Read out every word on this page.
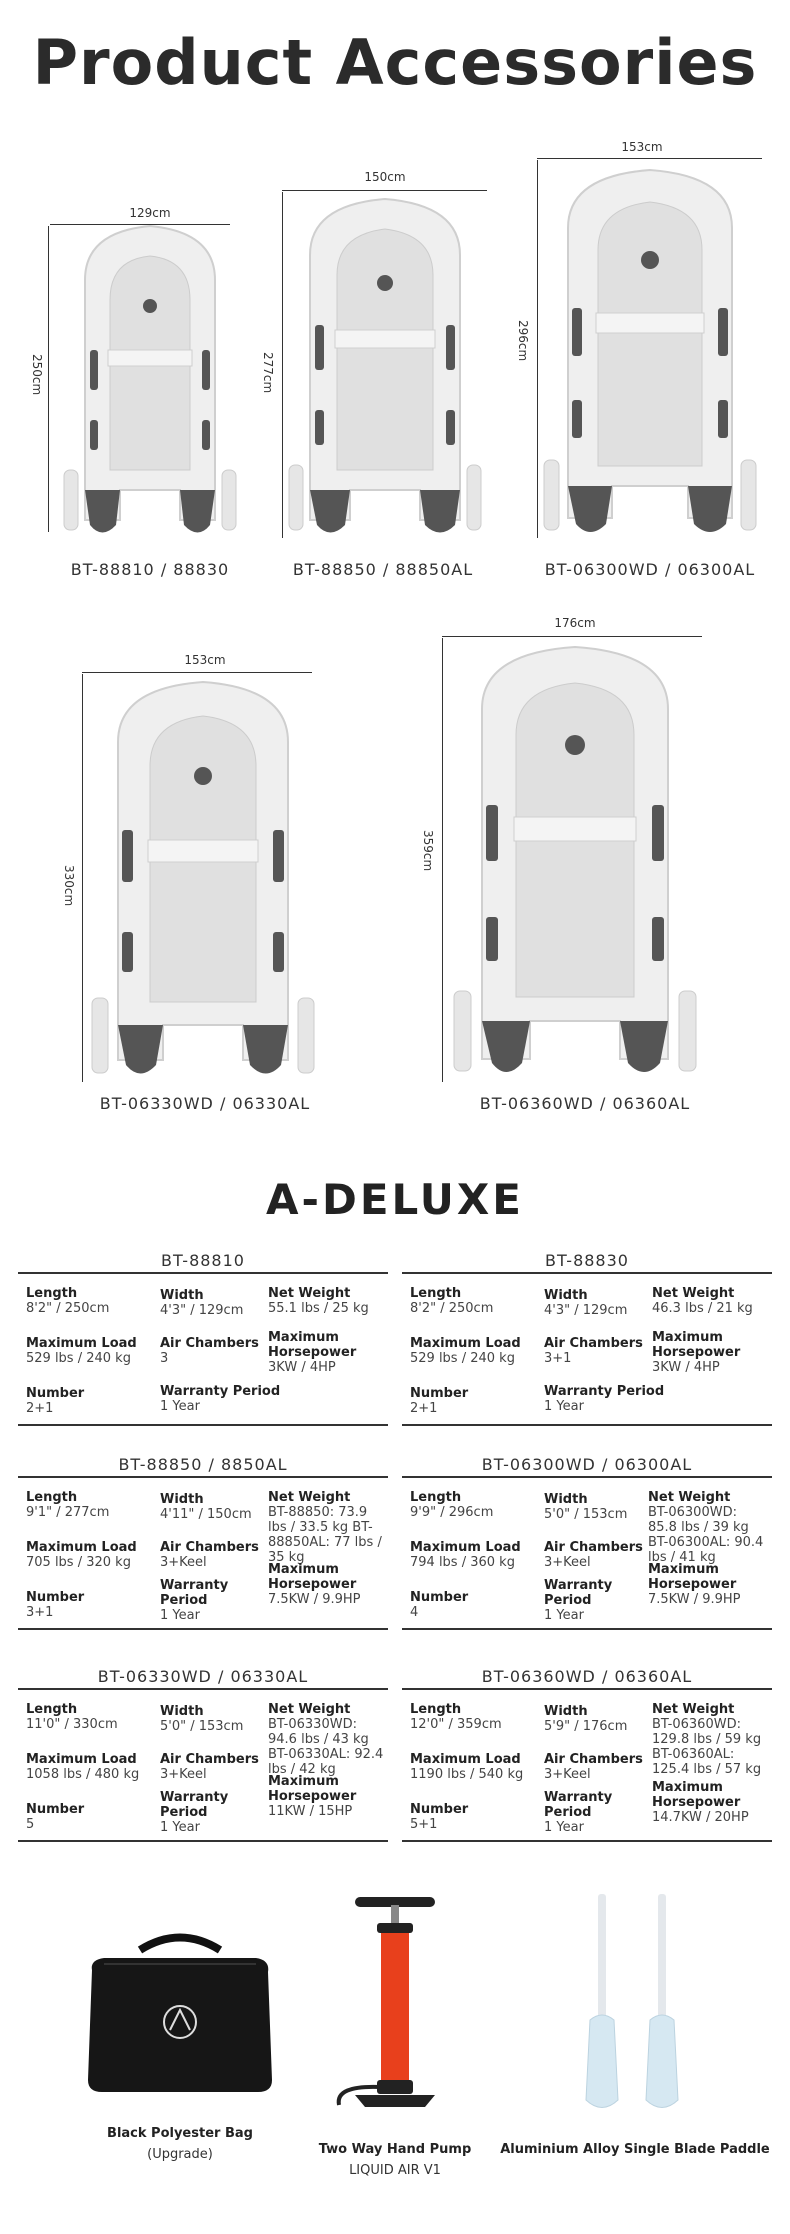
Product Accessories
129cm
250cm
BT-88810 / 88830
150cm
277cm
BT-88850 / 88850AL
153cm
296cm
BT-06300WD / 06300AL
153cm
330cm
BT-06330WD / 06330AL
176cm
359cm
BT-06360WD / 06360AL
A-DELUXE
BT-88810
Length
8'2" / 250cm
Width
4'3" / 129cm
Net Weight
55.1 lbs / 25 kg
Maximum Load
529 lbs / 240 kg
Air Chambers
3
Maximum Horsepower
3KW / 4HP
Number
2+1
Warranty Period
1 Year
BT-88830
Length
8'2" / 250cm
Width
4'3" / 129cm
Net Weight
46.3 lbs / 21 kg
Maximum Load
529 lbs / 240 kg
Air Chambers
3+1
Maximum Horsepower
3KW / 4HP
Number
2+1
Warranty Period
1 Year
BT-88850 / 8850AL
Length
9'1" / 277cm
Width
4'11" / 150cm
Net Weight
BT-88850: 73.9 lbs / 33.5 kg BT-88850AL: 77 lbs / 35 kg
Maximum Load
705 lbs / 320 kg
Air Chambers
3+Keel	Maximum Horsepower
7.5KW / 9.9HP
Number
3+1
Warranty Period
1 Year
BT-06300WD / 06300AL
Length
9'9" / 296cm
Width
5'0" / 153cm
Net Weight
BT-06300WD: 85.8 lbs / 39 kg BT-06300AL: 90.4 lbs / 41 kg
Maximum Load
794 lbs / 360 kg
Air Chambers
3+Keel	Maximum Horsepower
7.5KW / 9.9HP
Number
4
Warranty Period
1 Year
BT-06330WD / 06330AL
Length
11'0" / 330cm
Width
5'0" / 153cm
Net Weight
BT-06330WD: 94.6 lbs / 43 kg BT-06330AL: 92.4 lbs / 42 kg
Maximum Load
1058 lbs / 480 kg
Air Chambers
3+Keel	Maximum Horsepower
11KW / 15HP
Number
5
Warranty Period
1 Year
BT-06360WD / 06360AL
Length
12'0" / 359cm
Width
5'9" / 176cm
Net Weight
BT-06360WD: 129.8 lbs / 59 kg BT-06360AL: 125.4 lbs / 57 kg
Maximum Load
1190 lbs / 540 kg
Air Chambers
3+Keel
Maximum Horsepower
14.7KW / 20HP
Number
5+1
Warranty Period
1 Year
Black Polyester Bag
(Upgrade)	Two Way Hand Pump
LIQUID AIR V1
Aluminium Alloy Single Blade Paddle
